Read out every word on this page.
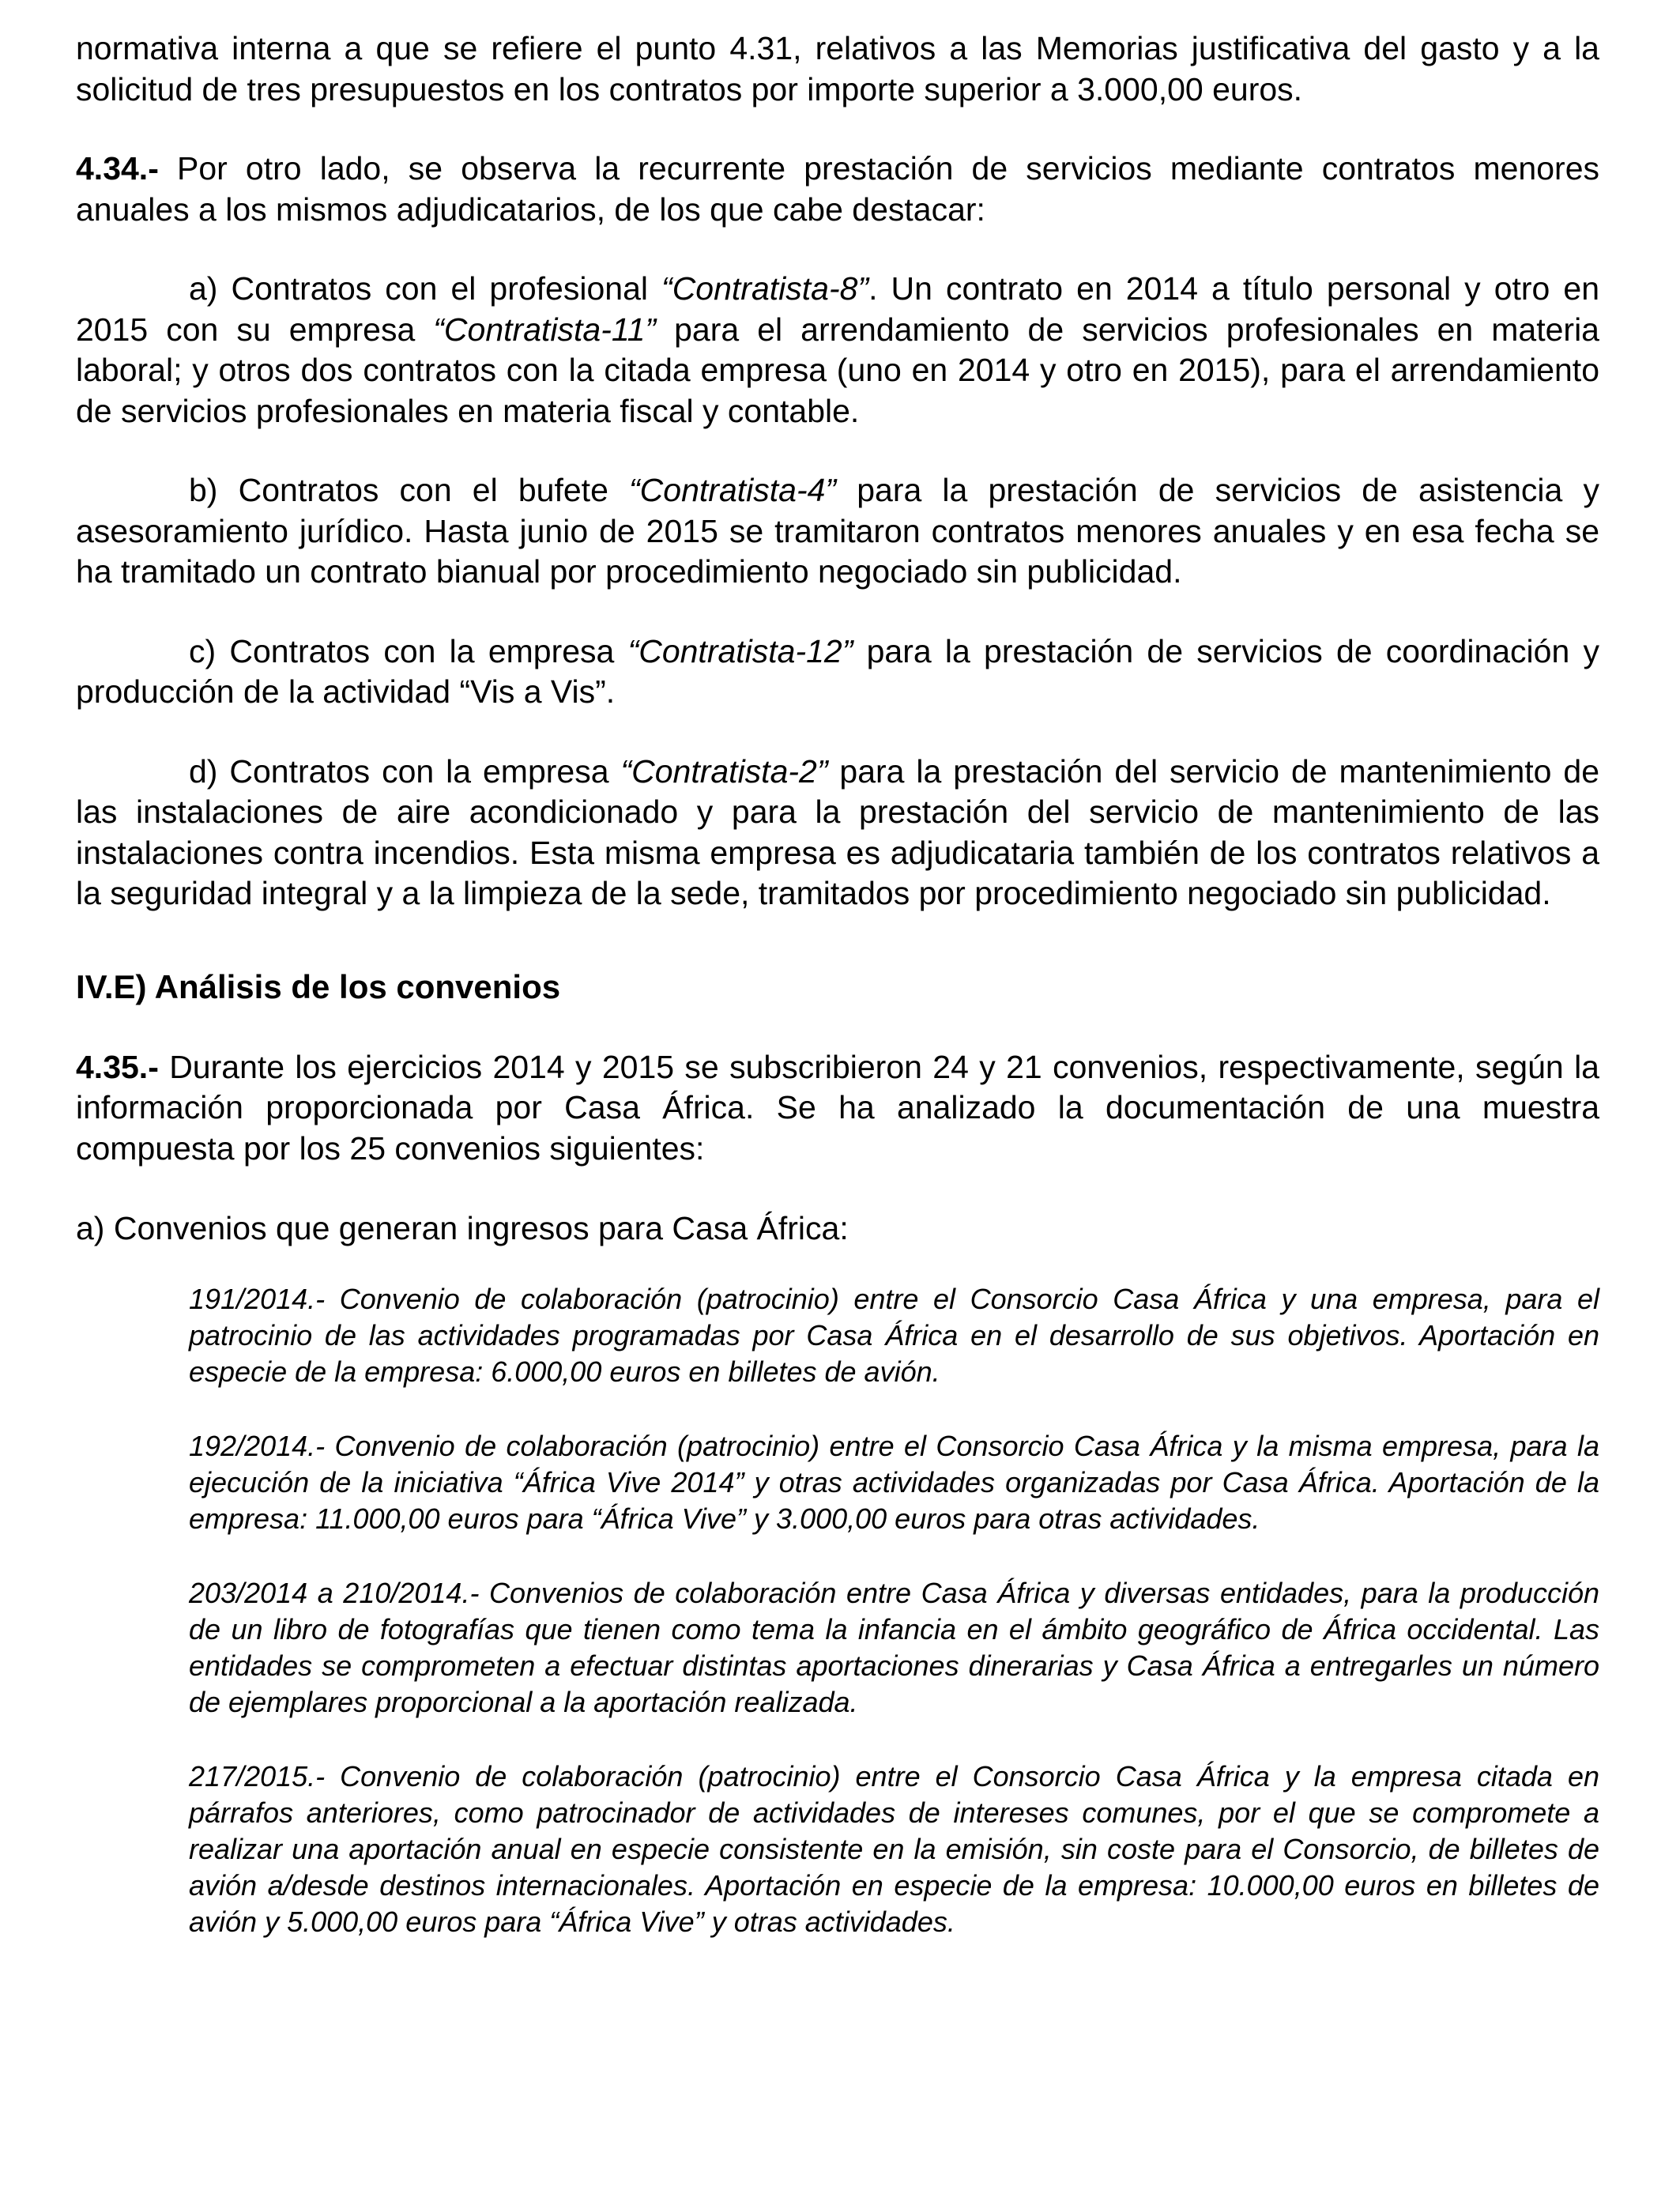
normativa interna a que se refiere el punto 4.31, relativos a las Memorias justificativa del gasto y a la solicitud de tres presupuestos en los contratos por importe superior a 3.000,00 euros.

4.34.- Por otro lado, se observa la recurrente prestación de servicios mediante contratos menores anuales a los mismos adjudicatarios, de los que cabe destacar:

a) Contratos con el profesional “Contratista-8”. Un contrato en 2014 a título personal y otro en 2015 con su empresa “Contratista-11” para el arrendamiento de servicios profesionales en materia laboral; y otros dos contratos con la citada empresa (uno en 2014 y otro en 2015), para el arrendamiento de servicios profesionales en materia fiscal y contable.

b) Contratos con el bufete “Contratista-4” para la prestación de servicios de asistencia y asesoramiento jurídico. Hasta junio de 2015 se tramitaron contratos menores anuales y en esa fecha se ha tramitado un contrato bianual por procedimiento negociado sin publicidad.

c) Contratos con la empresa “Contratista-12” para la prestación de servicios de coordinación y producción de la actividad “Vis a Vis”.

d) Contratos con la empresa “Contratista-2” para la prestación del servicio de mantenimiento de las instalaciones de aire acondicionado y para la prestación del servicio de mantenimiento de las instalaciones contra incendios. Esta misma empresa es adjudicataria también de los contratos relativos a la seguridad integral y a la limpieza de la sede, tramitados por procedimiento negociado sin publicidad.

IV.E) Análisis de los convenios

4.35.- Durante los ejercicios 2014 y 2015 se subscribieron 24 y 21 convenios, respectivamente, según la información proporcionada por Casa África. Se ha analizado la documentación de una muestra compuesta por los 25 convenios siguientes:

a) Convenios que generan ingresos para Casa África:

191/2014.- Convenio de colaboración (patrocinio) entre el Consorcio Casa África y una empresa, para el patrocinio de las actividades programadas por Casa África en el desarrollo de sus objetivos. Aportación en especie de la empresa: 6.000,00 euros en billetes de avión.

192/2014.- Convenio de colaboración (patrocinio) entre el Consorcio Casa África y la misma empresa, para la ejecución de la iniciativa “África Vive 2014” y otras actividades organizadas por Casa África. Aportación de la empresa: 11.000,00 euros para “África Vive” y 3.000,00 euros para otras actividades.

203/2014 a 210/2014.- Convenios de colaboración entre Casa África y diversas entidades, para la producción de un libro de fotografías que tienen como tema la infancia en el ámbito geográfico de África occidental. Las entidades se comprometen a efectuar distintas aportaciones dinerarias y Casa África a entregarles un número de ejemplares proporcional a la aportación realizada.

217/2015.- Convenio de colaboración (patrocinio) entre el Consorcio Casa África y la empresa citada en párrafos anteriores, como patrocinador de actividades de intereses comunes, por el que se compromete a realizar una aportación anual en especie consistente en la emisión, sin coste para el Consorcio, de billetes de avión a/desde destinos internacionales. Aportación en especie de la empresa: 10.000,00 euros en billetes de avión y 5.000,00 euros para “África Vive” y otras actividades.
